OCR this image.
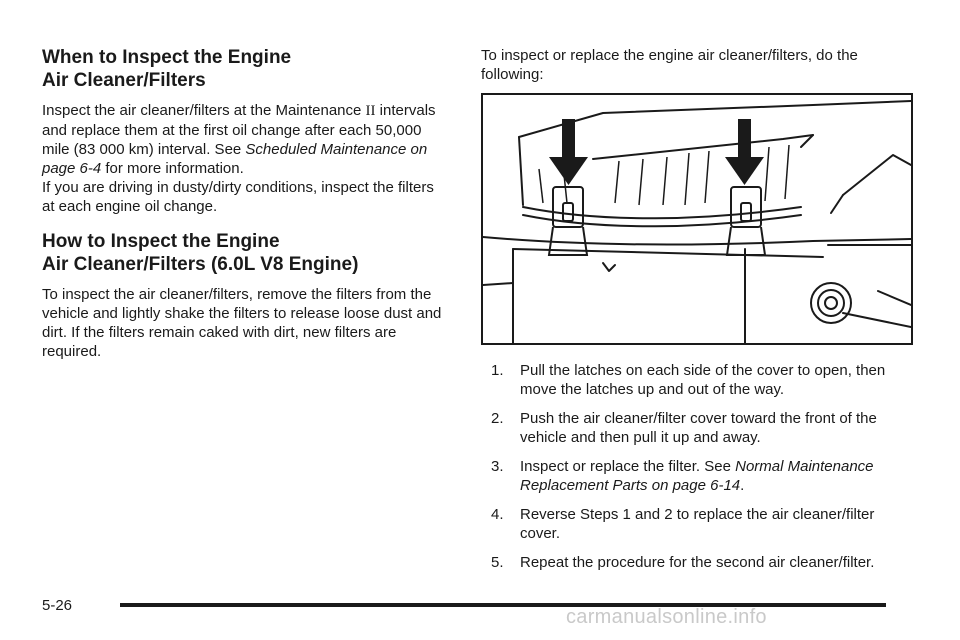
When to Inspect the Engine
Air Cleaner/Filters

Inspect the air cleaner/filters at the Maintenance II intervals and replace them at the first oil change after each 50,000 mile (83 000 km) interval. See Scheduled Maintenance on page 6-4 for more information.

If you are driving in dusty/dirty conditions, inspect the filters at each engine oil change.

How to Inspect the Engine
Air Cleaner/Filters (6.0L V8 Engine)

To inspect the air cleaner/filters, remove the filters from the vehicle and lightly shake the filters to release loose dust and dirt. If the filters remain caked with dirt, new filters are required.

To inspect or replace the engine air cleaner/filters, do the following:

1. Pull the latches on each side of the cover to open, then move the latches up and out of the way.
2. Push the air cleaner/filter cover toward the front of the vehicle and then pull it up and away.
3. Inspect or replace the filter. See Normal Maintenance Replacement Parts on page 6-14.
4. Reverse Steps 1 and 2 to replace the air cleaner/filter cover.
5. Repeat the procedure for the second air cleaner/filter.
5-26
carmanualsonline.info
